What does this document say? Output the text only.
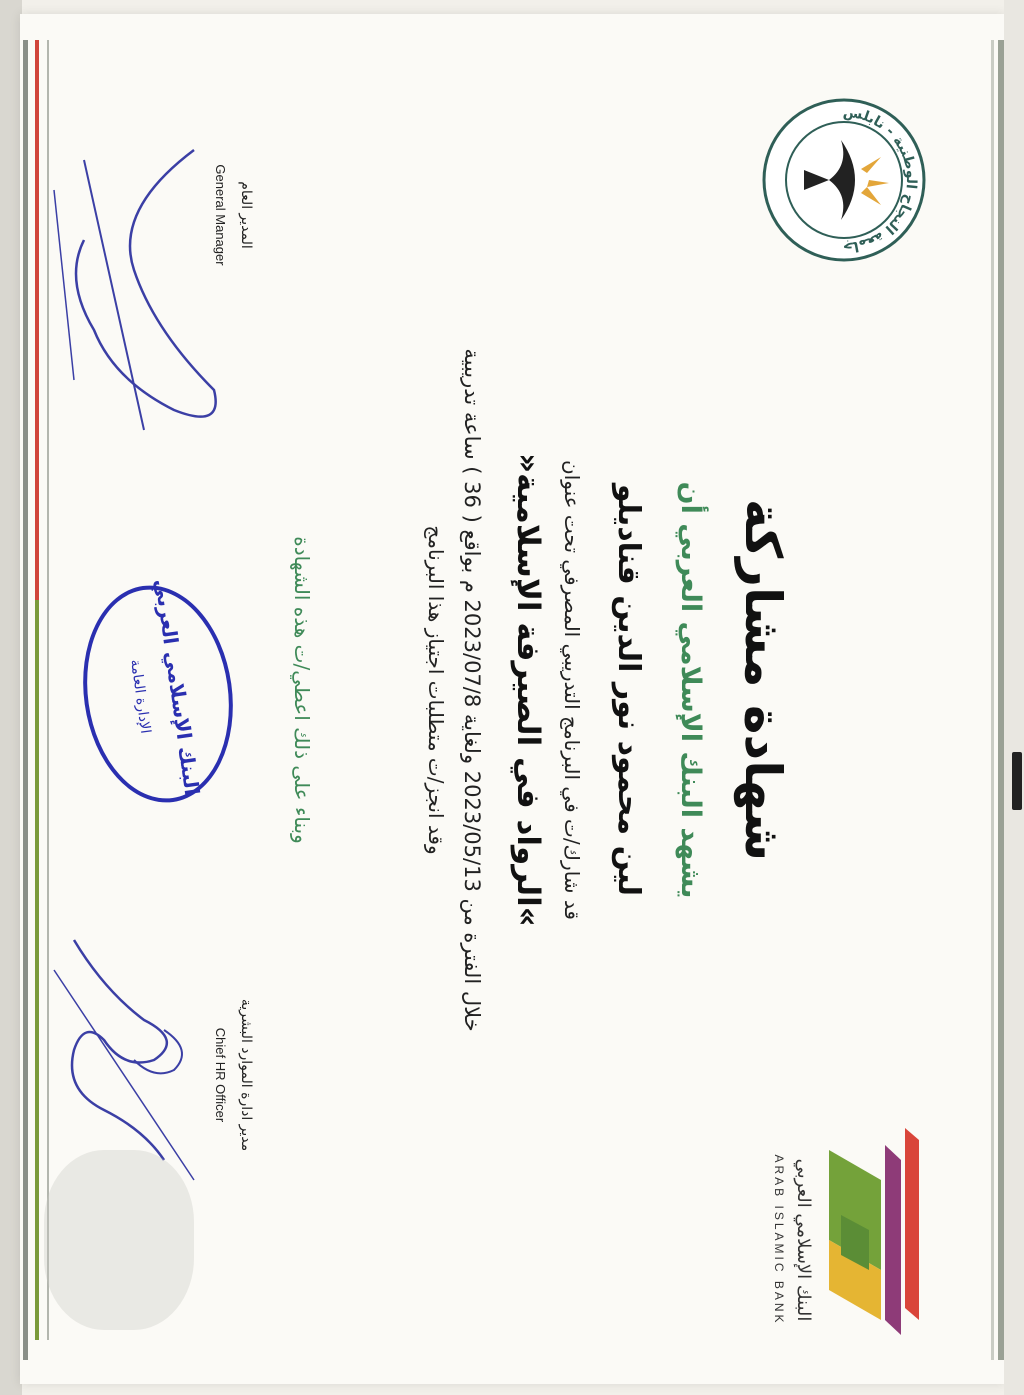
جامعة النجاح الوطنية - نابلس
البنك الإسلامي العربي
ARAB ISLAMIC BANK
شهادة مشاركة
يشهد البنك الإسلامي العربي أن
لين محمود نور الدين قناديلو
قد شارك/ت في البرنامج التدريبي المصرفي تحت عنوان
»الرواد في الصيرفة الإسلامية«
خلال الفترة من 2023/05/13 ولغاية 2023/07/8 م بواقع ( 36 ) ساعة تدريبية
وقد انجز/ت متطلبات اجتياز هذا البرنامج
وبناء على ذلك اعطي/ت هذه الشهادة
مدير ادارة الموارد البشرية
Chief HR Officer
المدير العام
General Manager
البنك الإسلامي العربي
الإدارة العامة
